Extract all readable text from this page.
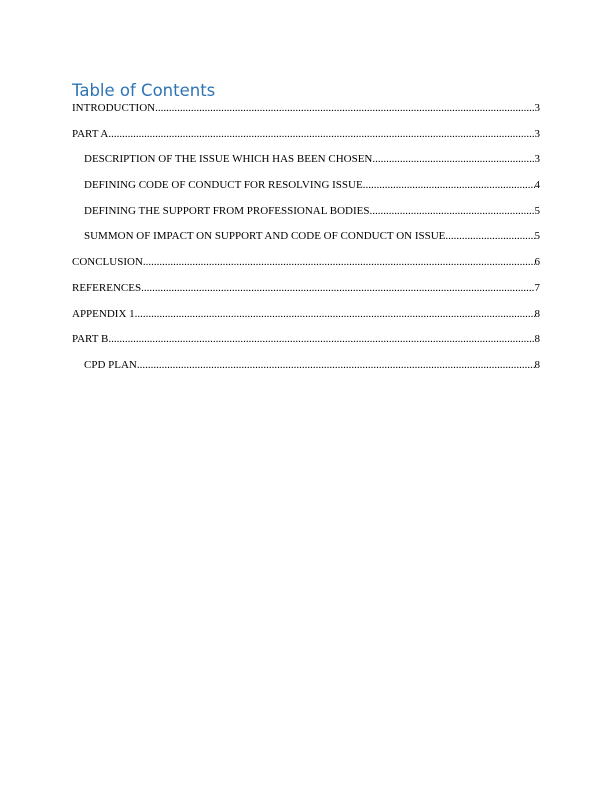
Table of Contents
INTRODUCTION .....	3
PART A .....	3
DESCRIPTION OF THE ISSUE WHICH HAS BEEN CHOSEN .....	3
DEFINING CODE OF CONDUCT FOR RESOLVING ISSUE .....	4
DEFINING THE SUPPORT FROM PROFESSIONAL BODIES .....	5
SUMMON OF IMPACT ON SUPPORT AND CODE OF CONDUCT ON ISSUE .....	5
CONCLUSION .....	6
REFERENCES .....	7
APPENDIX 1 .....	8
PART B .....	8
CPD PLAN .....	8
